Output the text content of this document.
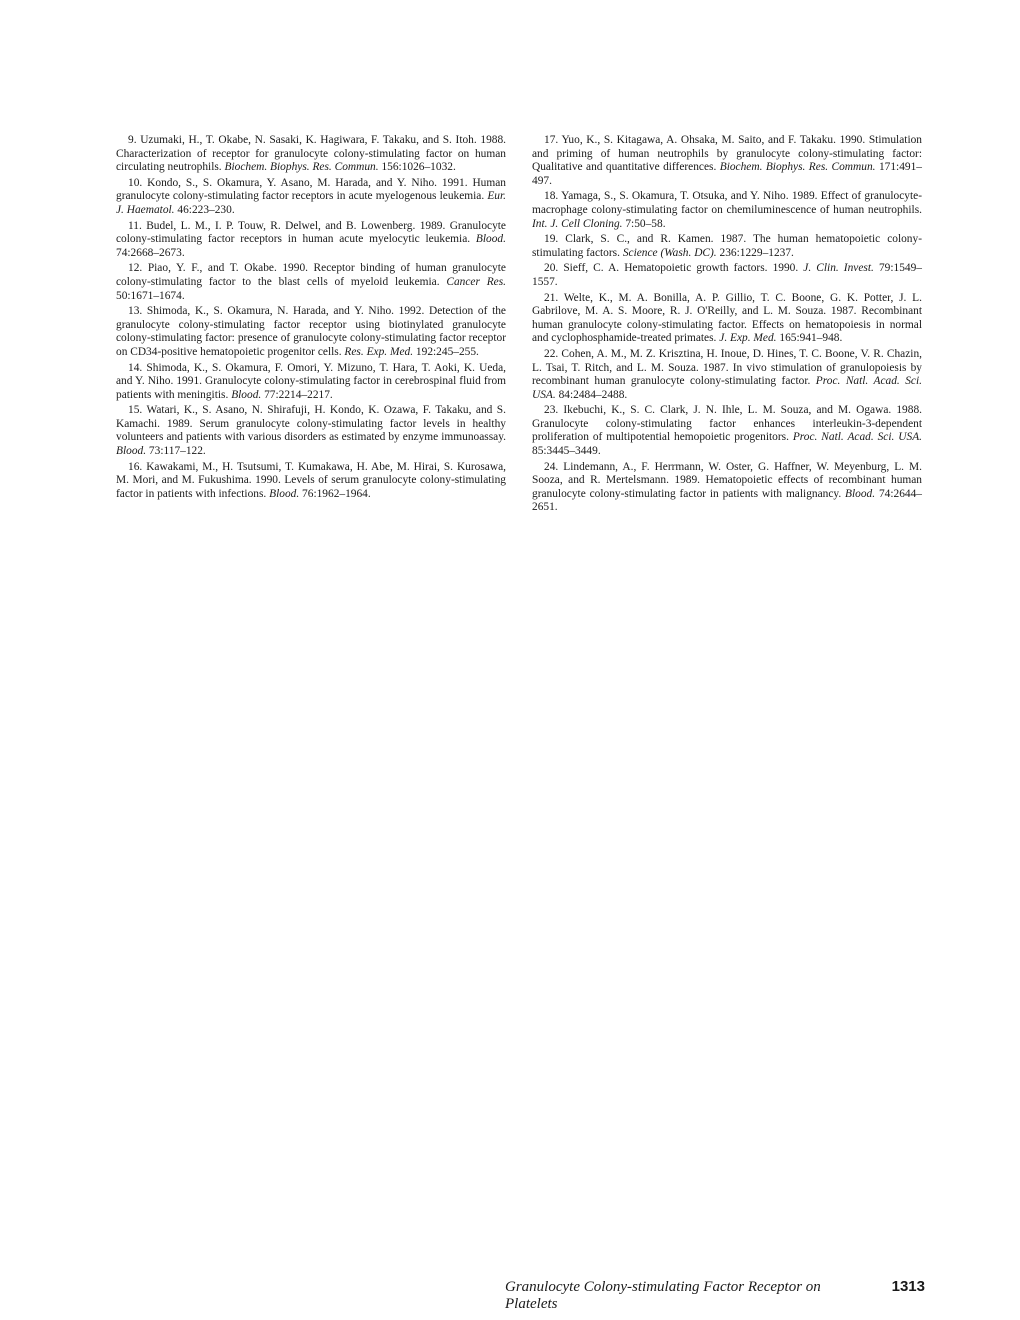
9. Uzumaki, H., T. Okabe, N. Sasaki, K. Hagiwara, F. Takaku, and S. Itoh. 1988. Characterization of receptor for granulocyte colony-stimulating factor on human circulating neutrophils. Biochem. Biophys. Res. Commun. 156:1026–1032.

10. Kondo, S., S. Okamura, Y. Asano, M. Harada, and Y. Niho. 1991. Human granulocyte colony-stimulating factor receptors in acute myelogenous leukemia. Eur. J. Haematol. 46:223–230.

11. Budel, L. M., I. P. Touw, R. Delwel, and B. Lowenberg. 1989. Granulocyte colony-stimulating factor receptors in human acute myelocytic leukemia. Blood. 74:2668–2673.

12. Piao, Y. F., and T. Okabe. 1990. Receptor binding of human granulocyte colony-stimulating factor to the blast cells of myeloid leukemia. Cancer Res. 50:1671–1674.

13. Shimoda, K., S. Okamura, N. Harada, and Y. Niho. 1992. Detection of the granulocyte colony-stimulating factor receptor using biotinylated granulocyte colony-stimulating factor: presence of granulocyte colony-stimulating factor receptor on CD34-positive hematopoietic progenitor cells. Res. Exp. Med. 192:245–255.

14. Shimoda, K., S. Okamura, F. Omori, Y. Mizuno, T. Hara, T. Aoki, K. Ueda, and Y. Niho. 1991. Granulocyte colony-stimulating factor in cerebrospinal fluid from patients with meningitis. Blood. 77:2214–2217.

15. Watari, K., S. Asano, N. Shirafuji, H. Kondo, K. Ozawa, F. Takaku, and S. Kamachi. 1989. Serum granulocyte colony-stimulating factor levels in healthy volunteers and patients with various disorders as estimated by enzyme immunoassay. Blood. 73:117–122.

16. Kawakami, M., H. Tsutsumi, T. Kumakawa, H. Abe, M. Hirai, S. Kurosawa, M. Mori, and M. Fukushima. 1990. Levels of serum granulocyte colony-stimulating factor in patients with infections. Blood. 76:1962–1964.

17. Yuo, K., S. Kitagawa, A. Ohsaka, M. Saito, and F. Takaku. 1990. Stimulation and priming of human neutrophils by granulocyte colony-stimulating factor: Qualitative and quantitative differences. Biochem. Biophys. Res. Commun. 171:491–497.

18. Yamaga, S., S. Okamura, T. Otsuka, and Y. Niho. 1989. Effect of granulocyte-macrophage colony-stimulating factor on chemiluminescence of human neutrophils. Int. J. Cell Cloning. 7:50–58.

19. Clark, S. C., and R. Kamen. 1987. The human hematopoietic colony-stimulating factors. Science (Wash. DC). 236:1229–1237.

20. Sieff, C. A. Hematopoietic growth factors. 1990. J. Clin. Invest. 79:1549–1557.

21. Welte, K., M. A. Bonilla, A. P. Gillio, T. C. Boone, G. K. Potter, J. L. Gabrilove, M. A. S. Moore, R. J. O'Reilly, and L. M. Souza. 1987. Recombinant human granulocyte colony-stimulating factor. Effects on hematopoiesis in normal and cyclophosphamide-treated primates. J. Exp. Med. 165:941–948.

22. Cohen, A. M., M. Z. Krisztina, H. Inoue, D. Hines, T. C. Boone, V. R. Chazin, L. Tsai, T. Ritch, and L. M. Souza. 1987. In vivo stimulation of granulopoiesis by recombinant human granulocyte colony-stimulating factor. Proc. Natl. Acad. Sci. USA. 84:2484–2488.

23. Ikebuchi, K., S. C. Clark, J. N. Ihle, L. M. Souza, and M. Ogawa. 1988. Granulocyte colony-stimulating factor enhances interleukin-3-dependent proliferation of multipotential hemopoietic progenitors. Proc. Natl. Acad. Sci. USA. 85:3445–3449.

24. Lindemann, A., F. Herrmann, W. Oster, G. Haffner, W. Meyenburg, L. M. Sooza, and R. Mertelsmann. 1989. Hematopoietic effects of recombinant human granulocyte colony-stimulating factor in patients with malignancy. Blood. 74:2644–2651.

Granulocyte Colony-stimulating Factor Receptor on Platelets
1313
